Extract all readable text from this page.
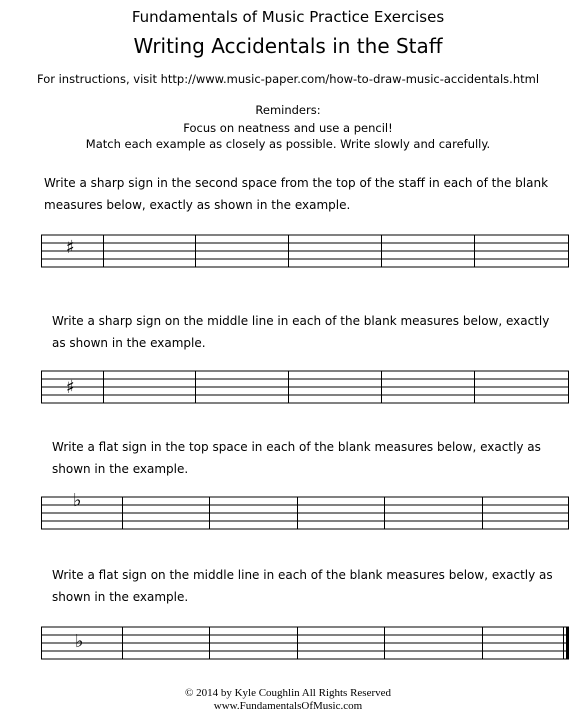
Fundamentals of Music Practice Exercises
Writing Accidentals in the Staff
For instructions, visit http://www.music-paper.com/how-to-draw-music-accidentals.html
Reminders:
Focus on neatness and use a pencil!
Match each example as closely as possible. Write slowly and carefully.
Write a sharp sign in the second space from the top of the staff in each of the blank measures below, exactly as shown in the example.
♯
Write a sharp sign on the middle line in each of the blank measures below, exactly as shown in the example.
♯
Write a flat sign in the top space in each of the blank measures below, exactly as shown in the example.
♭
Write a flat sign on the middle line in each of the blank measures below, exactly as shown in the example.
♭
© 2014 by Kyle Coughlin All Rights Reserved
www.FundamentalsOfMusic.com
